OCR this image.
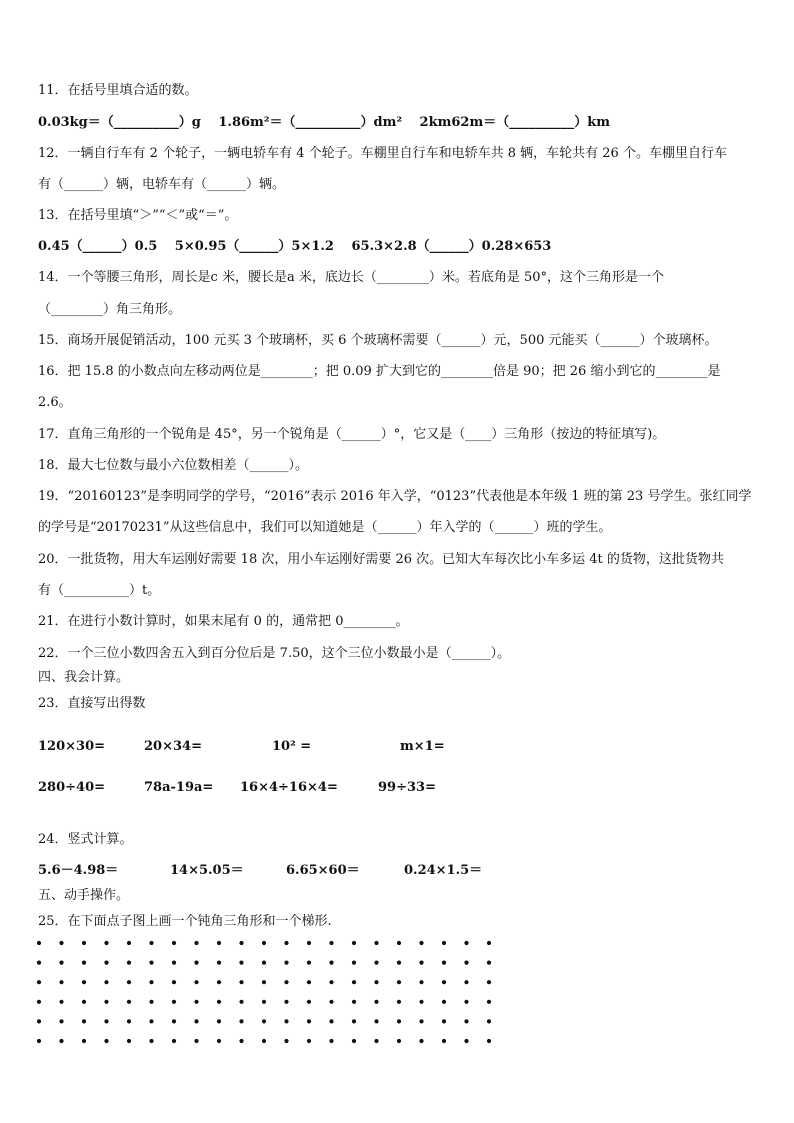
11．在括号里填合适的数。
0.03kg＝（__________）g　 1.86m²＝（__________）dm²　 2km62m＝（__________）km
12．一辆自行车有 2 个轮子，一辆电轿车有 4 个轮子。车棚里自行车和电轿车共 8 辆，车轮共有 26 个。车棚里自行车
有（______）辆，电轿车有（______）辆。
13．在括号里填“＞”“＜”或“＝”。
0.45（______）0.5　 5×0.95（______）5×1.2　 65.3×2.8（______）0.28×653
14．一个等腰三角形，周长是c 米，腰长是a 米，底边长（________）米。若底角是 50°，这个三角形是一个
（________）角三角形。
15．商场开展促销活动，100 元买 3 个玻璃杯，买 6 个玻璃杯需要（______）元，500 元能买（______）个玻璃杯。
16．把 15.8 的小数点向左移动两位是________；把 0.09 扩大到它的________倍是 90；把 26 缩小到它的________是
2.6。
17．直角三角形的一个锐角是 45°，另一个锐角是（______）°，它又是（____）三角形（按边的特征填写)。
18．最大七位数与最小六位数相差（______）。
19．“20160123”是李明同学的学号，“2016”表示 2016 年入学，“0123”代表他是本年级 1 班的第 23 号学生。张红同学
的学号是“20170231”从这些信息中，我们可以知道她是（______）年入学的（______）班的学生。
20．一批货物，用大车运刚好需要 18 次，用小车运刚好需要 26 次。已知大车每次比小车多运 4t 的货物，这批货物共
有（__________）t。
21．在进行小数计算时，如果末尾有 0 的，通常把 0________。
22．一个三位小数四舍五入到百分位后是 7.50，这个三位小数最小是（______）。
四、我会计算。
23．直接写出得数
120×30=	20×34=	10² =	m×1=
280÷40=	78a-19a= 16×4÷16×4=	99÷33=
24．竖式计算。
5.6－4.98＝	14×5.05＝	6.65×60＝	0.24×1.5＝
五、动手操作。
25．在下面点子图上画一个钝角三角形和一个梯形.
